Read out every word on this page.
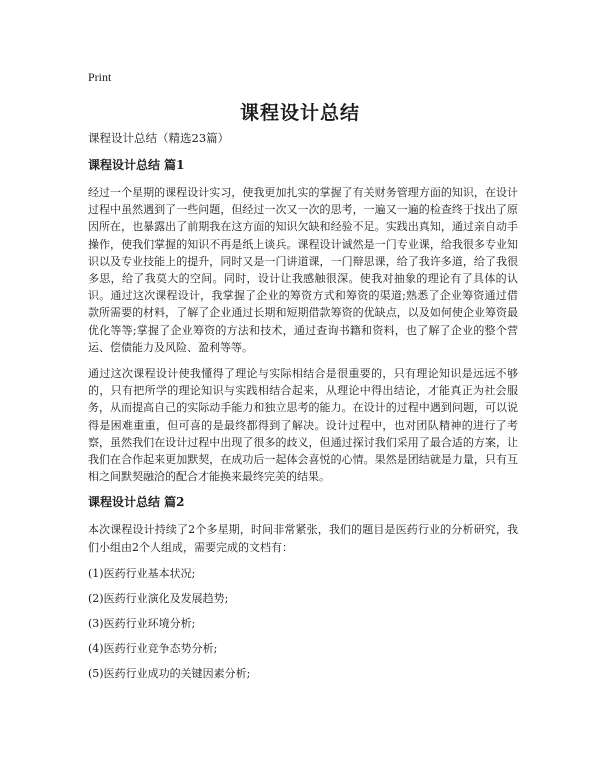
Print
课程设计总结

课程设计总结（精选23篇）

课程设计总结 篇1

经过一个星期的课程设计实习，使我更加扎实的掌握了有关财务管理方面的知识，在设计过程中虽然遇到了一些问题，但经过一次又一次的思考，一遍又一遍的检查终于找出了原因所在，也暴露出了前期我在这方面的知识欠缺和经验不足。实践出真知，通过亲自动手操作，使我们掌握的知识不再是纸上谈兵。课程设计诚然是一门专业课，给我很多专业知识以及专业技能上的提升，同时又是一门讲道课，一门辩思课，给了我许多道，给了我很多思，给了我莫大的空间。同时，设计让我感触很深。使我对抽象的理论有了具体的认识。通过这次课程设计，我掌握了企业的筹资方式和筹资的渠道;熟悉了企业筹资通过借款所需要的材料，了解了企业通过长期和短期借款筹资的优缺点，以及如何使企业筹资最优化等等;掌握了企业筹资的方法和技术，通过查询书籍和资料，也了解了企业的整个营运、偿债能力及风险、盈利等等。

通过这次课程设计使我懂得了理论与实际相结合是很重要的，只有理论知识是远远不够的，只有把所学的理论知识与实践相结合起来，从理论中得出结论，才能真正为社会服务，从而提高自己的实际动手能力和独立思考的能力。在设计的过程中遇到问题，可以说得是困难重重，但可喜的是最终都得到了解决。设计过程中，也对团队精神的进行了考察，虽然我们在设计过程中出现了很多的歧义，但通过探讨我们采用了最合适的方案，让我们在合作起来更加默契，在成功后一起体会喜悦的心情。果然是团结就是力量，只有互相之间默契融洽的配合才能换来最终完美的结果。

课程设计总结 篇2

本次课程设计持续了2个多星期，时间非常紧张，我们的题目是医药行业的分析研究，我们小组由2个人组成，需要完成的文档有：

(1)医药行业基本状况;

(2)医药行业演化及发展趋势;

(3)医药行业环境分析;

(4)医药行业竞争态势分析;

(5)医药行业成功的关键因素分析;
